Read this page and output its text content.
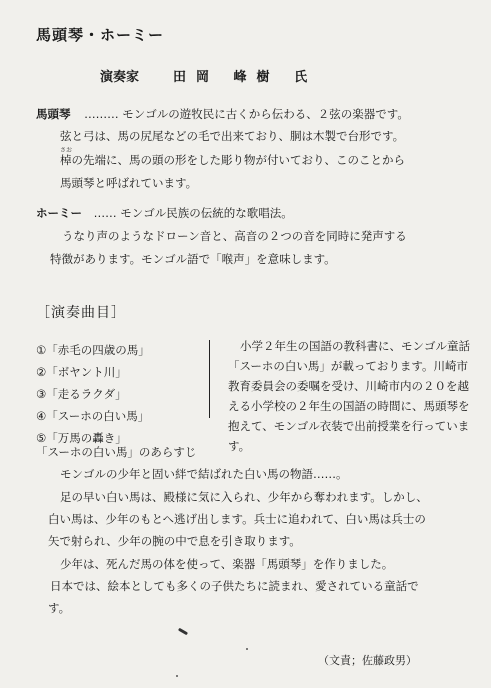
馬頭琴・ホーミー
演奏家	田岡 峰樹 氏
馬頭琴 ……… モンゴルの遊牧民に古くから伝わる、２弦の楽器です。
弦と弓は、馬の尻尾などの毛で出来ており、胴は木製で台形です。
さお
棹の先端に、馬の頭の形をした彫り物が付いており、このことから
馬頭琴と呼ばれています。
ホーミー …… モンゴル民族の伝統的な歌唱法。
うなり声のようなドローン音と、高音の２つの音を同時に発声する
特徴があります。モンゴル語で「喉声」を意味します。
［演奏曲目］
①「赤毛の四歳の馬」
②「ボヤント川」
③「走るラクダ」
④「スーホの白い馬」
⑤「万馬の轟き」
小学２年生の国語の教科書に、モンゴル童話
「スーホの白い馬」が載っております。川崎市
教育委員会の委嘱を受け、川崎市内の２０を越
える小学校の２年生の国語の時間に、馬頭琴を
抱えて、モンゴル衣装で出前授業を行っていま
す。
「スーホの白い馬」のあらすじ
モンゴルの少年と固い絆で結ばれた白い馬の物語……。
足の早い白い馬は、殿様に気に入られ、少年から奪われます。しかし、
白い馬は、少年のもとへ逃げ出します。兵士に追われて、白い馬は兵士の
矢で射られ、少年の腕の中で息を引き取ります。
少年は、死んだ馬の体を使って、楽器「馬頭琴」を作りました。
日本では、絵本としても多くの子供たちに読まれ、愛されている童話で
す。
（文責；佐藤政男）
